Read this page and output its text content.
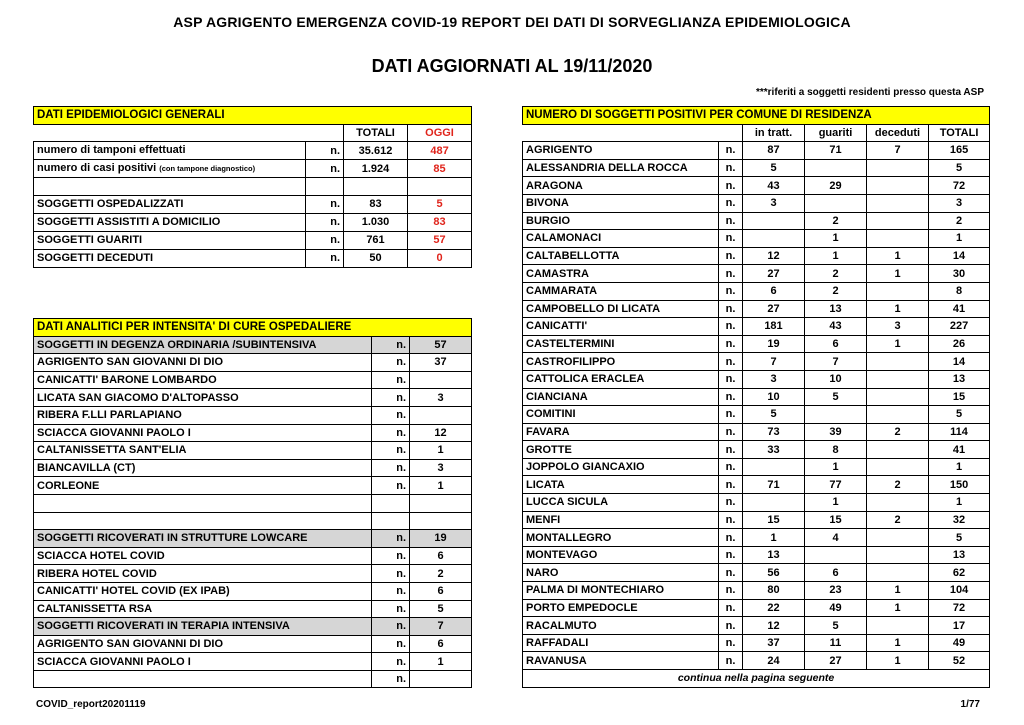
ASP AGRIGENTO EMERGENZA COVID-19 REPORT DEI DATI DI SORVEGLIANZA EPIDEMIOLOGICA
DATI AGGIORNATI AL 19/11/2020
***riferiti a soggetti residenti presso questa ASP
DATI EPIDEMIOLOGICI GENERALI			
		TOTALI	OGGI
numero di tamponi effettuati	n.	35.612	487
numero di casi positivi (con tampone diagnostico)	n.	1.924	85

SOGGETTI OSPEDALIZZATI	n.	83	5
SOGGETTI ASSISTITI A DOMICILIO	n.	1.030	83
SOGGETTI GUARITI	n.	761	57
SOGGETTI DECEDUTI	n.	50	0
DATI ANALITICI PER INTENSITA' DI CURE OSPEDALIERE		
SOGGETTI IN DEGENZA ORDINARIA /SUBINTENSIVA	n.	57
AGRIGENTO SAN GIOVANNI DI DIO	n.	37
CANICATTI' BARONE LOMBARDO	n.	
LICATA SAN GIACOMO D'ALTOPASSO	n.	3
RIBERA F.LLI PARLAPIANO	n.	
SCIACCA GIOVANNI PAOLO I	n.	12
CALTANISSETTA SANT'ELIA	n.	1
BIANCAVILLA (CT)	n.	3
CORLEONE	n.	1

SOGGETTI RICOVERATI IN STRUTTURE LOWCARE	n.	19
SCIACCA HOTEL COVID	n.	6
RIBERA HOTEL COVID	n.	2
CANICATTI' HOTEL COVID (EX IPAB)	n.	6
CALTANISSETTA RSA	n.	5
SOGGETTI RICOVERATI IN TERAPIA INTENSIVA	n.	7
AGRIGENTO SAN GIOVANNI DI DIO	n.	6
SCIACCA GIOVANNI PAOLO I	n.	1
	n.	
NUMERO DI SOGGETTI POSITIVI PER COMUNE DI RESIDENZA					
		in tratt.	guariti	deceduti	TOTALI
AGRIGENTO	n.	87	71	7	165
ALESSANDRIA DELLA ROCCA	n.	5			5
ARAGONA	n.	43	29		72
BIVONA	n.	3			3
BURGIO	n.		2		2
CALAMONACI	n.		1		1
CALTABELLOTTA	n.	12	1	1	14
CAMASTRA	n.	27	2	1	30
CAMMARATA	n.	6	2		8
CAMPOBELLO DI LICATA	n.	27	13	1	41
CANICATTI'	n.	181	43	3	227
CASTELTERMINI	n.	19	6	1	26
CASTROFILIPPO	n.	7	7		14
CATTOLICA ERACLEA	n.	3	10		13
CIANCIANA	n.	10	5		15
COMITINI	n.	5			5
FAVARA	n.	73	39	2	114
GROTTE	n.	33	8		41
JOPPOLO GIANCAXIO	n.		1		1
LICATA	n.	71	77	2	150
LUCCA SICULA	n.		1		1
MENFI	n.	15	15	2	32
MONTALLEGRO	n.	1	4		5
MONTEVAGO	n.	13			13
NARO	n.	56	6		62
PALMA DI MONTECHIARO	n.	80	23	1	104
PORTO EMPEDOCLE	n.	22	49	1	72
RACALMUTO	n.	12	5		17
RAFFADALI	n.	37	11	1	49
RAVANUSA	n.	24	27	1	52
continua nella pagina seguente					
COVID_report20201119	1/77
